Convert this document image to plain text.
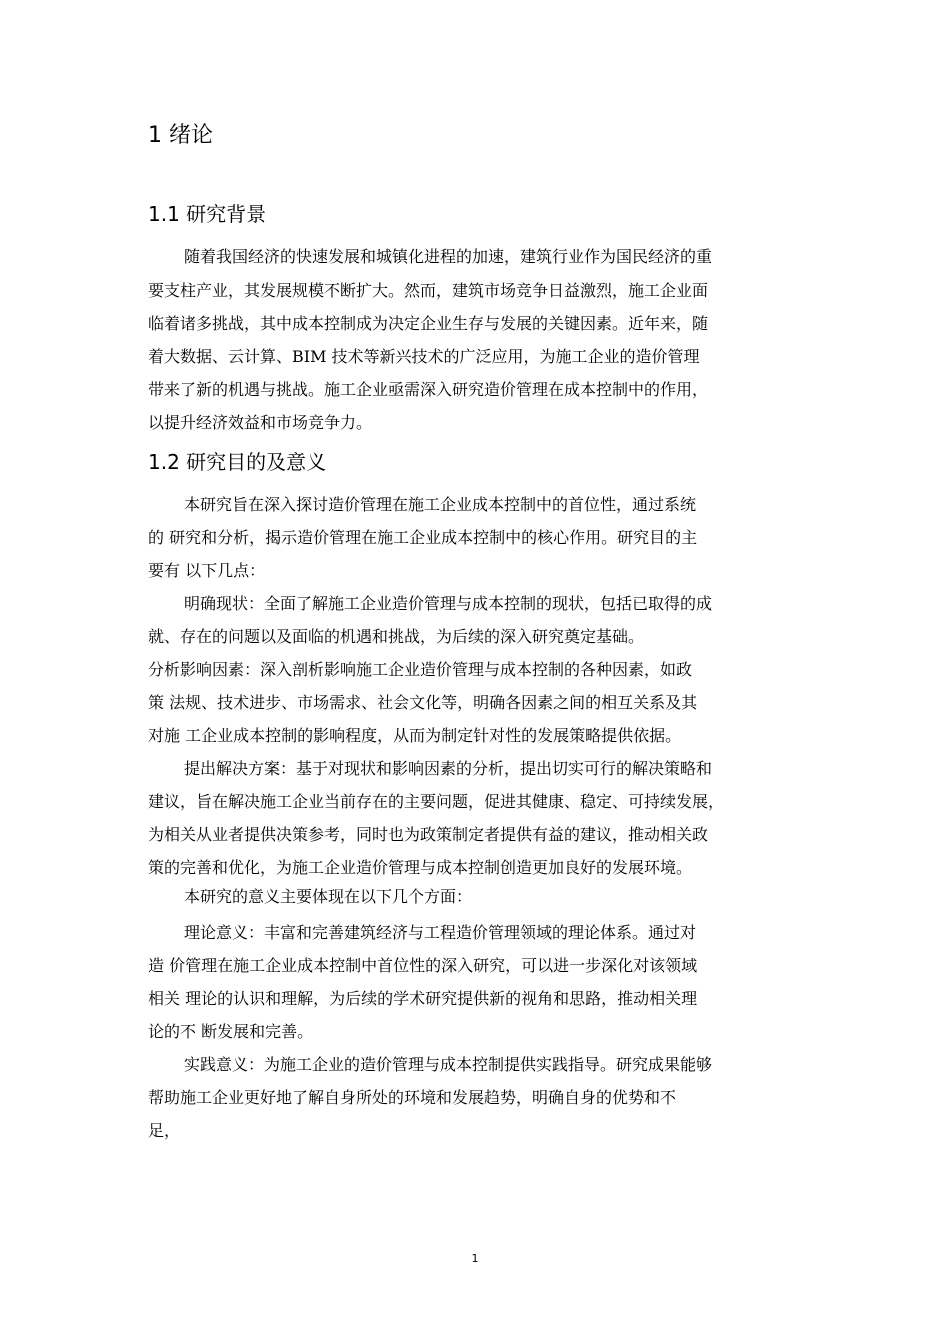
1 绪论
1.1 研究背景

随着我国经济的快速发展和城镇化进程的加速，建筑行业作为国民经济的重

要支柱产业，其发展规模不断扩大。然而，建筑市场竞争日益激烈，施工企业面

临着诸多挑战，其中成本控制成为决定企业生存与发展的关键因素。近年来，随

着大数据、云计算、BIM 技术等新兴技术的广泛应用，为施工企业的造价管理

带来了新的机遇与挑战。施工企业亟需深入研究造价管理在成本控制中的作用，

以提升经济效益和市场竞争力。

1.2 研究目的及意义

本研究旨在深入探讨造价管理在施工企业成本控制中的首位性，通过系统

的 研究和分析，揭示造价管理在施工企业成本控制中的核心作用。研究目的主

要有 以下几点：

明确现状：全面了解施工企业造价管理与成本控制的现状，包括已取得的成

就、存在的问题以及面临的机遇和挑战，为后续的深入研究奠定基础。

分析影响因素：深入剖析影响施工企业造价管理与成本控制的各种因素，如政

策 法规、技术进步、市场需求、社会文化等，明确各因素之间的相互关系及其

对施 工企业成本控制的影响程度，从而为制定针对性的发展策略提供依据。

提出解决方案：基于对现状和影响因素的分析，提出切实可行的解决策略和

建议，旨在解决施工企业当前存在的主要问题，促进其健康、稳定、可持续发展，

为相关从业者提供决策参考，同时也为政策制定者提供有益的建议，推动相关政

策的完善和优化，为施工企业造价管理与成本控制创造更加良好的发展环境。

本研究的意义主要体现在以下几个方面：

理论意义：丰富和完善建筑经济与工程造价管理领域的理论体系。通过对

造 价管理在施工企业成本控制中首位性的深入研究，可以进一步深化对该领域

相关 理论的认识和理解，为后续的学术研究提供新的视角和思路，推动相关理

论的不 断发展和完善。

实践意义：为施工企业的造价管理与成本控制提供实践指导。研究成果能够

帮助施工企业更好地了解自身所处的环境和发展趋势，明确自身的优势和不

足，

1
